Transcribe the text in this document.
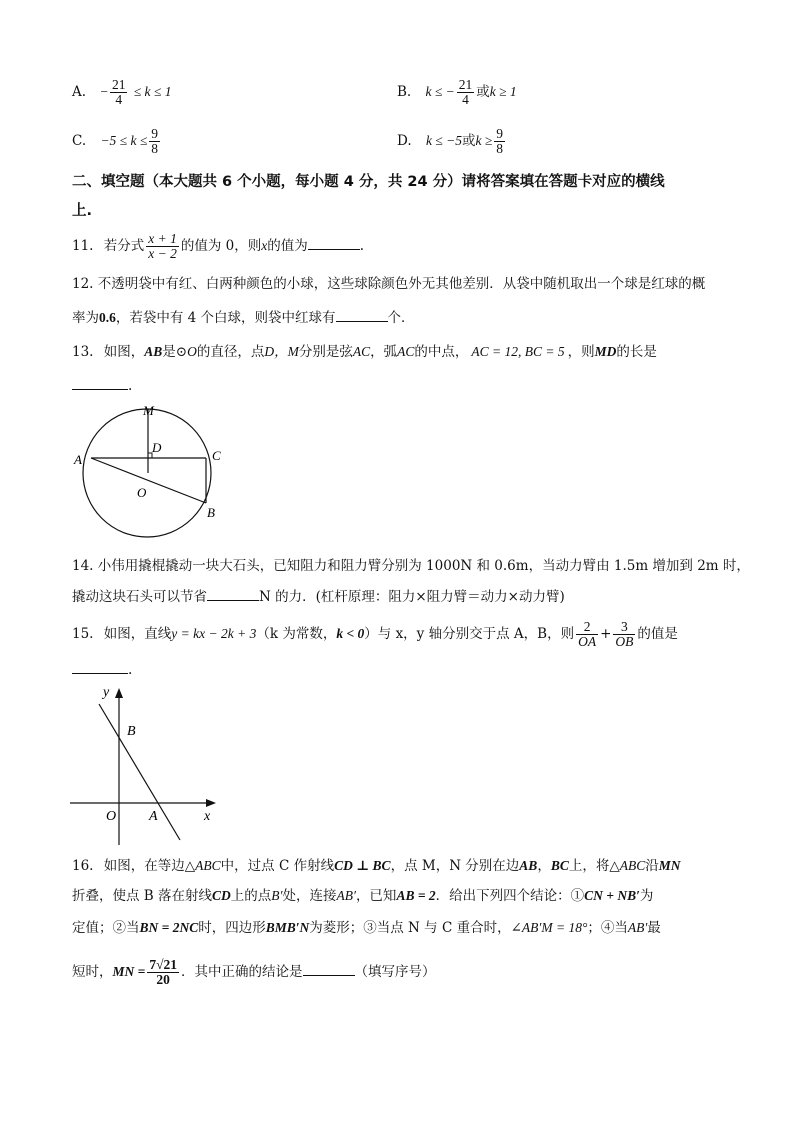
A. − $\frac{21}{4} \le k \le 1$	B. k ≤ − $\frac{21}{4}$ 或k ≥ 1
C. $-5 \le k \le \frac{9}{8}$	D. k ≤ −5或$k \ge \frac{9}{8}$
二、填空题（本大题共 6 个小题，每小题 4 分，共 24 分）请将答案填在答题卡对应的横线
上.
11. 若分式 $\frac{x + 1}{x - 2}$ 的值为 0，则x的值为	.
12. 不透明袋中有红、白两种颜色的小球，这些球除颜色外无其他差别．从袋中随机取出一个球是红球的概
率为0.6，若袋中有 4 个白球，则袋中红球有	个．
13. 如图，AB是⊙O的直径，点D，M分别是弦AC，弧AC的中点， AC = 12, BC = 5 ，则MD的长是
.
M
D
A	C
O
B
14. 小伟用撬棍撬动一块大石头，已知阻力和阻力臂分别为 1000N 和 0.6m，当动力臂由 1.5m 增加到 2m 时，
撬动这块石头可以节省	N 的力．(杠杆原理：阻力×阻力臂＝动力×动力臂)
15. 如图，直线y = kx − 2k + 3（k 为常数，k < 0）与 x，y 轴分别交于点 A，B，则 $\frac{2}{OA} + \frac{3}{OB}$ 的值是
.
y
B
O A	x
16. 如图，在等边△ABC中，过点 C 作射线CD ⊥ BC，点 M，N 分别在边AB，BC上，将△ABC沿MN
折叠，使点 B 落在射线CD上的点B′处，连接AB′，已知AB = 2．给出下列四个结论：①CN + NB′为
定值；②当BN = 2NC时，四边形BMB′N为菱形；③当点 N 与 C 重合时，∠AB′M = 18°；④当AB′最
短时，MN = $\frac{7√21}{20}$ ．其中正确的结论是	（填写序号）
